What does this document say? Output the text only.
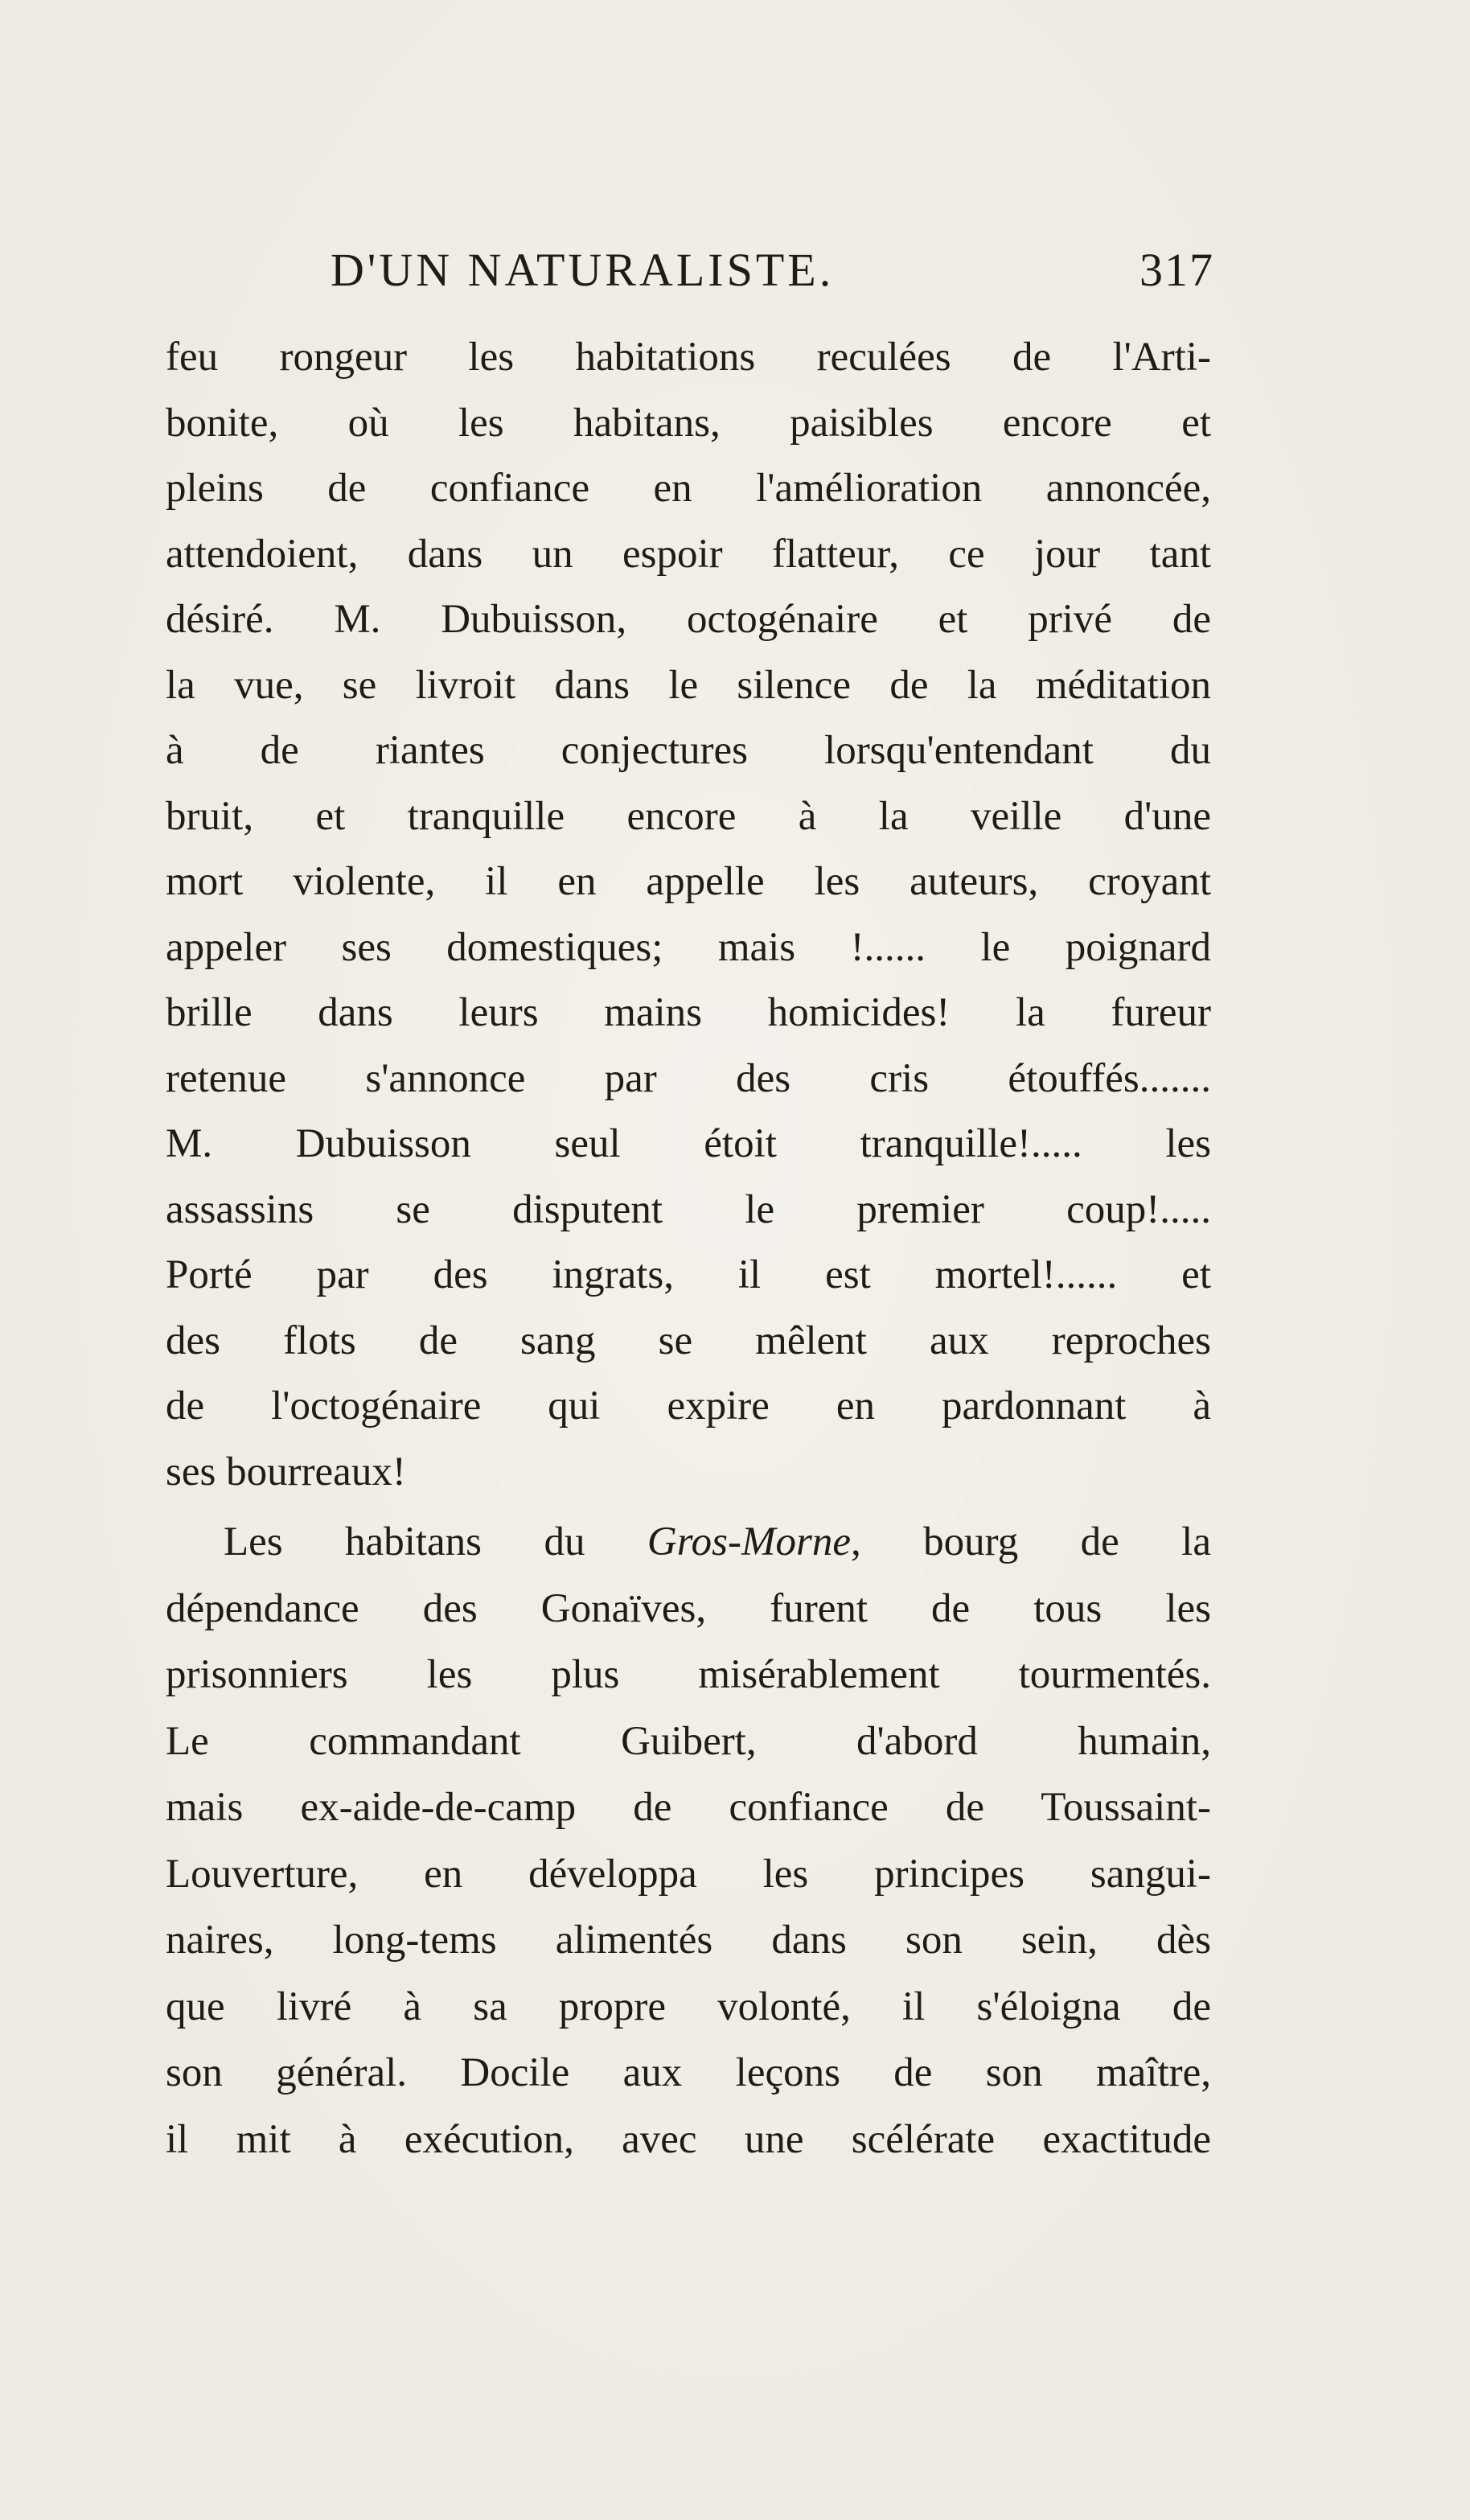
D'UN NATURALISTE.	317
feu rongeur les habitations reculées de l'Arti-
bonite, où les habitans, paisibles encore et
pleins de confiance en l'amélioration annoncée,
attendoient, dans un espoir flatteur, ce jour tant
désiré. M. Dubuisson, octogénaire et privé de
la vue, se livroit dans le silence de la méditation
à de riantes conjectures lorsqu'entendant du
bruit, et tranquille encore à la veille d'une
mort violente, il en appelle les auteurs, croyant
appeler ses domestiques; mais !...... le poignard
brille dans leurs mains homicides! la fureur
retenue s'annonce par des cris étouffés.......
M. Dubuisson seul étoit tranquille!..... les
assassins se disputent le premier coup!.....
Porté par des ingrats, il est mortel!...... et
des flots de sang se mêlent aux reproches
de l'octogénaire qui expire en pardonnant à
ses bourreaux!
Les habitans du Gros-Morne, bourg de la
dépendance des Gonaïves, furent de tous les
prisonniers les plus misérablement tourmentés.
Le commandant Guibert, d'abord humain,
mais ex-aide-de-camp de confiance de Toussaint-
Louverture, en développa les principes sangui-
naires, long-tems alimentés dans son sein, dès
que livré à sa propre volonté, il s'éloigna de
son général. Docile aux leçons de son maître,
il mit à exécution, avec une scélérate exactitude
